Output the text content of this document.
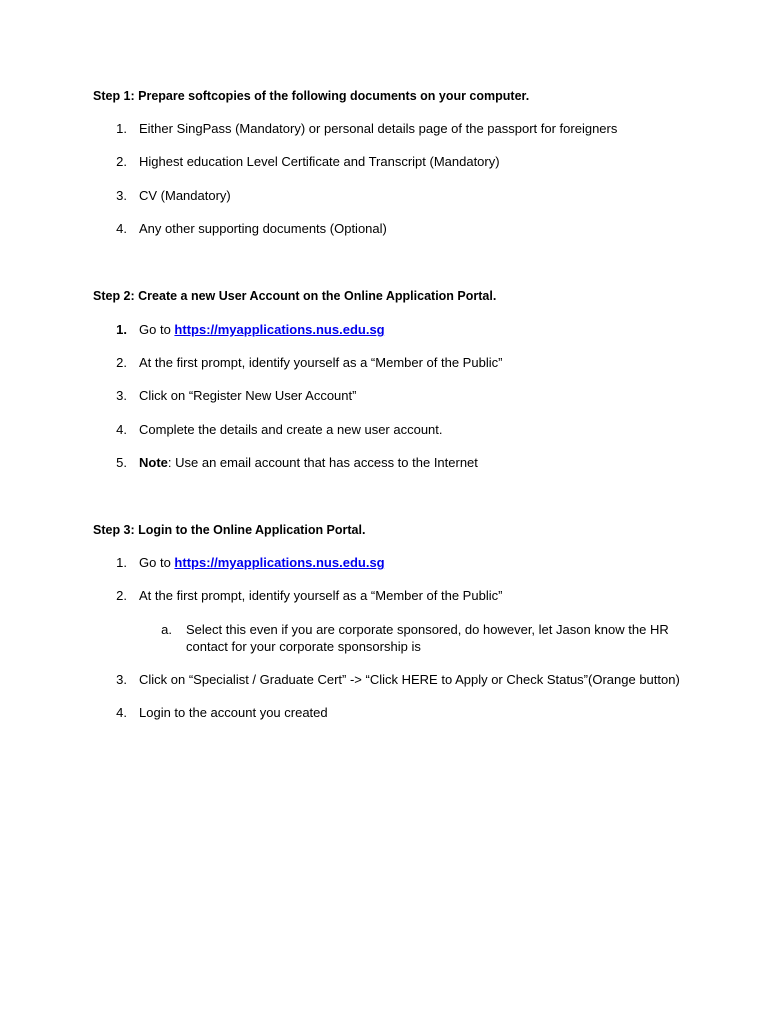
Step 1: Prepare softcopies of the following documents on your computer.
1. Either SingPass (Mandatory) or personal details page of the passport for foreigners
2. Highest education Level Certificate and Transcript (Mandatory)
3. CV (Mandatory)
4. Any other supporting documents (Optional)
Step 2: Create a new User Account on the Online Application Portal.
1. Go to https://myapplications.nus.edu.sg
2. At the first prompt, identify yourself as a “Member of the Public”
3. Click on “Register New User Account”
4. Complete the details and create a new user account.
5. Note: Use an email account that has access to the Internet
Step 3: Login to the Online Application Portal.
1. Go to https://myapplications.nus.edu.sg
2. At the first prompt, identify yourself as a “Member of the Public”
a. Select this even if you are corporate sponsored, do however, let Jason know the HR contact for your corporate sponsorship is
3. Click on “Specialist / Graduate Cert” -> “Click HERE to Apply or Check Status”(Orange button)
4. Login to the account you created
